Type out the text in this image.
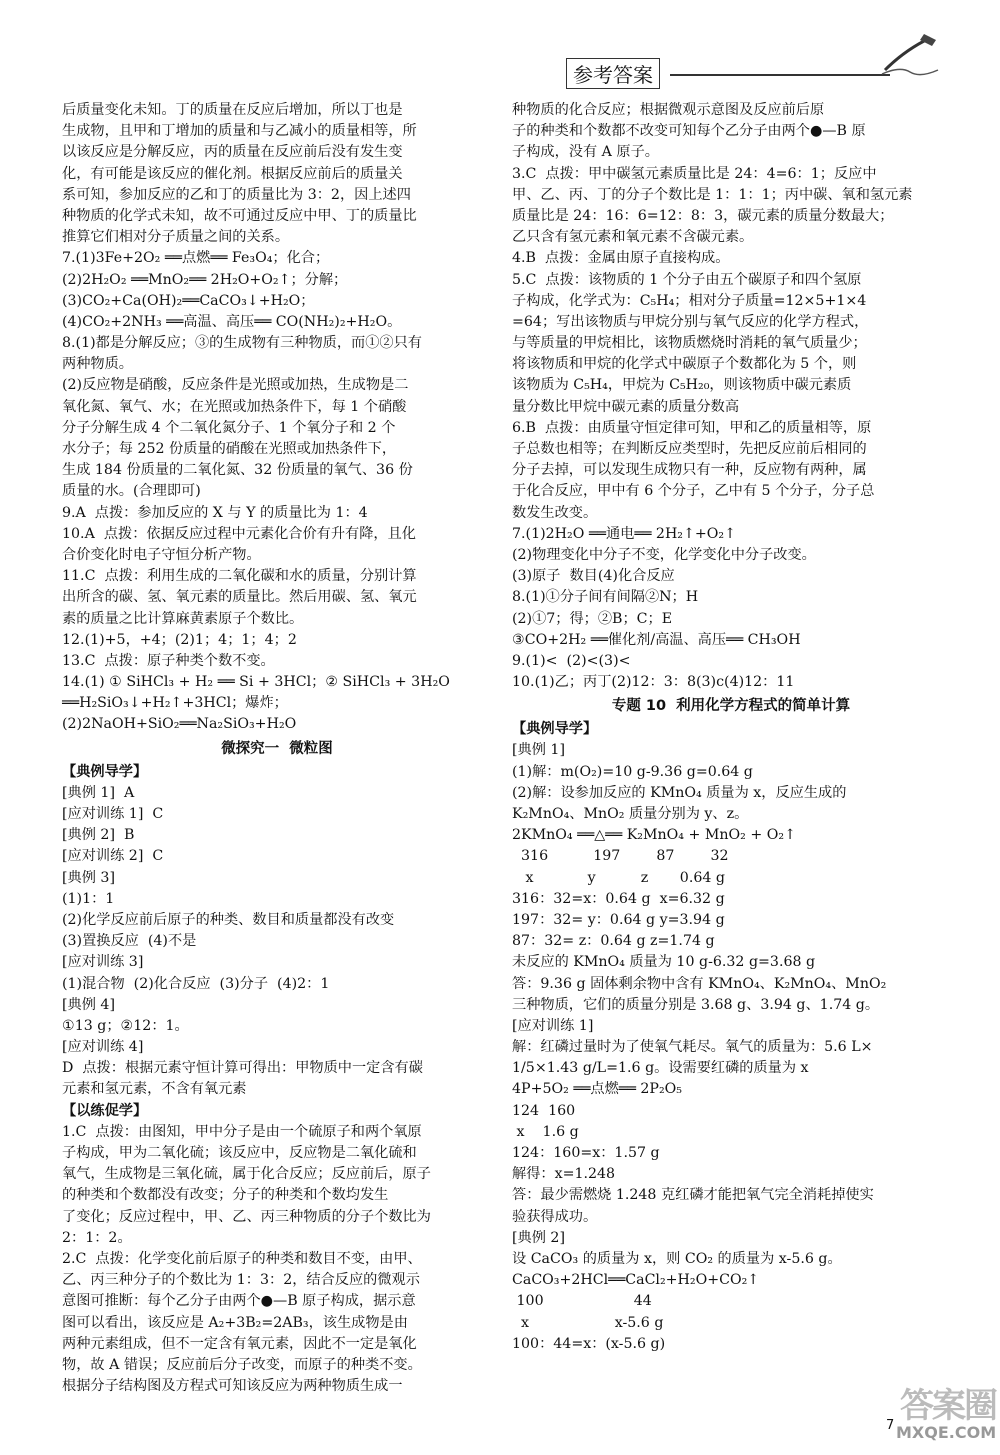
参考答案
后质量变化未知。丁的质量在反应后增加，所以丁也是
生成物，且甲和丁增加的质量和与乙减小的质量相等，所
以该反应是分解反应，丙的质量在反应前后没有发生变
化，有可能是该反应的催化剂。根据反应前后的质量关
系可知，参加反应的乙和丁的质量比为 3：2，因上述四
种物质的化学式未知，故不可通过反应中甲、丁的质量比
推算它们相对分子质量之间的关系。
7.(1)3Fe+2O₂ ══点燃══ Fe₃O₄；化合；
(2)2H₂O₂ ══MnO₂══ 2H₂O+O₂↑；分解；
(3)CO₂+Ca(OH)₂══CaCO₃↓+H₂O；
(4)CO₂+2NH₃ ══高温、高压══ CO(NH₂)₂+H₂O。
8.(1)都是分解反应；③的生成物有三种物质，而①②只有
两种物质。
(2)反应物是硝酸，反应条件是光照或加热，生成物是二
氧化氮、氧气、水；在光照或加热条件下，每 1 个硝酸
分子分解生成 4 个二氧化氮分子、1 个氧分子和 2 个
水分子；每 252 份质量的硝酸在光照或加热条件下，
生成 184 份质量的二氧化氮、32 份质量的氧气、36 份
质量的水。(合理即可)
9.A  点拨：参加反应的 X 与 Y 的质量比为 1：4
10.A  点拨：依据反应过程中元素化合价有升有降，且化
合价变化时电子守恒分析产物。
11.C  点拨：利用生成的二氧化碳和水的质量，分别计算
出所含的碳、氢、氧元素的质量比。然后用碳、氢、氧元
素的质量之比计算麻黄素原子个数比。
12.(1)+5，+4；(2)1；4；1；4；2
13.C  点拨：原子种类个数不变。
14.(1) ① SiHCl₃ + H₂ ══ Si + 3HCl；② SiHCl₃ + 3H₂O
══H₂SiO₃↓+H₂↑+3HCl；爆炸；
(2)2NaOH+SiO₂══Na₂SiO₃+H₂O
微探究一  微粒图
【典例导学】
[典例 1]  A
[应对训练 1]  C
[典例 2]  B
[应对训练 2]  C
[典例 3]
(1)1：1
(2)化学反应前后原子的种类、数目和质量都没有改变
(3)置换反应  (4)不是
[应对训练 3]
(1)混合物  (2)化合反应  (3)分子  (4)2：1
[典例 4]
①13 g；②12：1。
[应对训练 4]
D  点拨：根据元素守恒计算可得出：甲物质中一定含有碳
元素和氢元素，不含有氧元素
【以练促学】
1.C  点拨：由图知，甲中分子是由一个硫原子和两个氧原
子构成，甲为二氧化硫；该反应中，反应物是二氧化硫和
氧气，生成物是三氧化硫，属于化合反应；反应前后，原子
的种类和个数都没有改变；分子的种类和个数均发生
了变化；反应过程中，甲、乙、丙三种物质的分子个数比为
2：1：2。
2.C  点拨：化学变化前后原子的种类和数目不变，由甲、
乙、丙三种分子的个数比为 1：3：2，结合反应的微观示
意图可推断：每个乙分子由两个●—B 原子构成，据示意
图可以看出，该反应是 A₂+3B₂=2AB₃，该生成物是由
两种元素组成，但不一定含有氧元素，因此不一定是氧化
物，故 A 错误；反应前后分子改变，而原子的种类不变。
根据分子结构图及方程式可知该反应为两种物质生成一
种物质的化合反应；根据微观示意图及反应前后原
子的种类和个数都不改变可知每个乙分子由两个●—B 原
子构成，没有 A 原子。
3.C  点拨：甲中碳氢元素质量比是 24：4=6：1；反应中
甲、乙、丙、丁的分子个数比是 1：1：1；丙中碳、氧和氢元素
质量比是 24：16：6=12：8：3，碳元素的质量分数最大；
乙只含有氢元素和氧元素不含碳元素。
4.B  点拨：金属由原子直接构成。
5.C  点拨：该物质的 1 个分子由五个碳原子和四个氢原
子构成，化学式为：C₅H₄；相对分子质量=12×5+1×4
=64；写出该物质与甲烷分别与氧气反应的化学方程式，
与等质量的甲烷相比，该物质燃烧时消耗的氧气质量少；
将该物质和甲烷的化学式中碳原子个数都化为 5 个，则
该物质为 C₅H₄，甲烷为 C₅H₂₀，则该物质中碳元素质
量分数比甲烷中碳元素的质量分数高
6.B  点拨：由质量守恒定律可知，甲和乙的质量相等，原
子总数也相等；在判断反应类型时，先把反应前后相同的
分子去掉，可以发现生成物只有一种，反应物有两种，属
于化合反应，甲中有 6 个分子，乙中有 5 个分子，分子总
数发生改变。
7.(1)2H₂O ══通电══ 2H₂↑+O₂↑
(2)物理变化中分子不变，化学变化中分子改变。
(3)原子  数目(4)化合反应
8.(1)①分子间有间隔②N；H
(2)①7；得；②B；C；E
③CO+2H₂ ══催化剂/高温、高压══ CH₃OH
9.(1)<  (2)<(3)<
10.(1)乙；丙丁(2)12：3：8(3)c(4)12：11
专题 10  利用化学方程式的简单计算
【典例导学】
[典例 1]
(1)解：m(O₂)=10 g-9.36 g=0.64 g
(2)解：设参加反应的 KMnO₄ 质量为 x，反应生成的
K₂MnO₄、MnO₂ 质量分别为 y、z。
2KMnO₄ ══△══ K₂MnO₄ + MnO₂ + O₂↑
316          197        87        32
x            y          z       0.64 g
316：32=x：0.64 g  x=6.32 g
197：32= y：0.64 g y=3.94 g
87：32= z：0.64 g z=1.74 g
未反应的 KMnO₄ 质量为 10 g-6.32 g=3.68 g
答：9.36 g 固体剩余物中含有 KMnO₄、K₂MnO₄、MnO₂
三种物质，它们的质量分别是 3.68 g、3.94 g、1.74 g。
[应对训练 1]
解：红磷过量时为了使氧气耗尽。氧气的质量为：5.6 L×
1/5×1.43 g/L=1.6 g。设需要红磷的质量为 x
4P+5O₂ ══点燃══ 2P₂O₅
124  160
x    1.6 g
124：160=x：1.57 g
解得：x=1.248
答：最少需燃烧 1.248 克红磷才能把氧气完全消耗掉使实
验获得成功。
[典例 2]
设 CaCO₃ 的质量为 x，则 CO₂ 的质量为 x-5.6 g。
CaCO₃+2HCl══CaCl₂+H₂O+CO₂↑
100                    44
x                   x-5.6 g
100：44=x：(x-5.6 g)
7 答案圈
MXQE.COM
